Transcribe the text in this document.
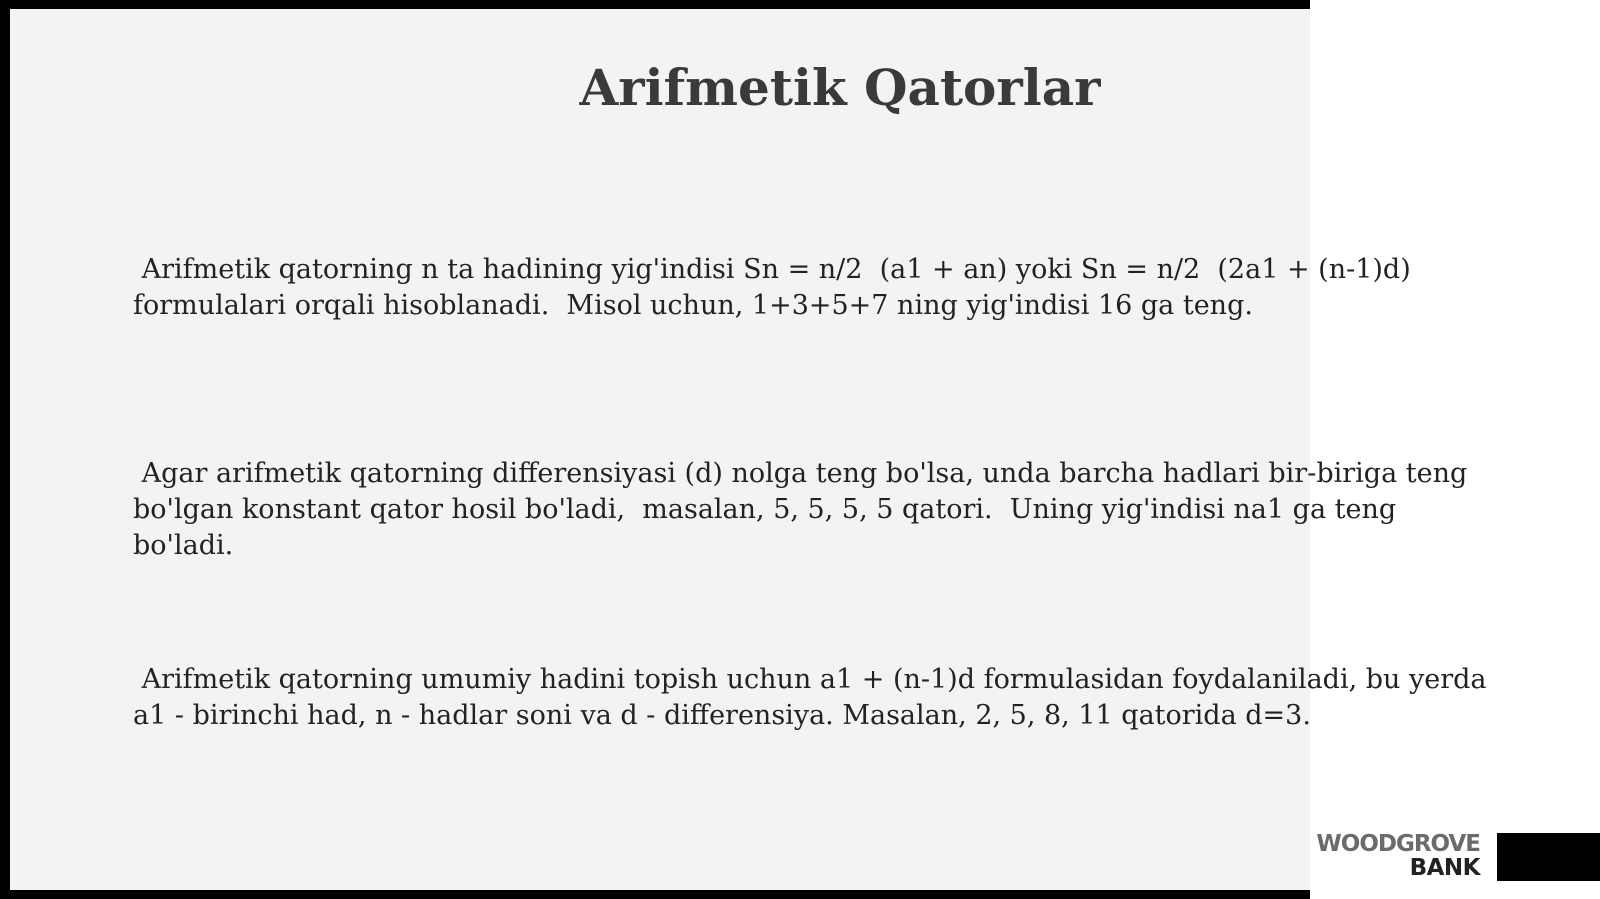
Arifmetik Qatorlar

Arifmetik qatorning n ta hadining yig'indisi Sn = n/2  (a1 + an) yoki Sn = n/2  (2a1 + (n-1)d) formulalari orqali hisoblanadi.  Misol uchun, 1+3+5+7 ning yig'indisi 16 ga teng.

Agar arifmetik qatorning differensiyasi (d) nolga teng bo'lsa, unda barcha hadlari bir-biriga teng bo'lgan konstant qator hosil bo'ladi,  masalan, 5, 5, 5, 5 qatori.  Uning yig'indisi na1 ga teng bo'ladi.

Arifmetik qatorning umumiy hadini topish uchun a1 + (n-1)d formulasidan foydalaniladi, bu yerda a1 - birinchi had, n - hadlar soni va d - differensiya. Masalan, 2, 5, 8, 11 qatorida d=3.

WOODGROVE
BANK
